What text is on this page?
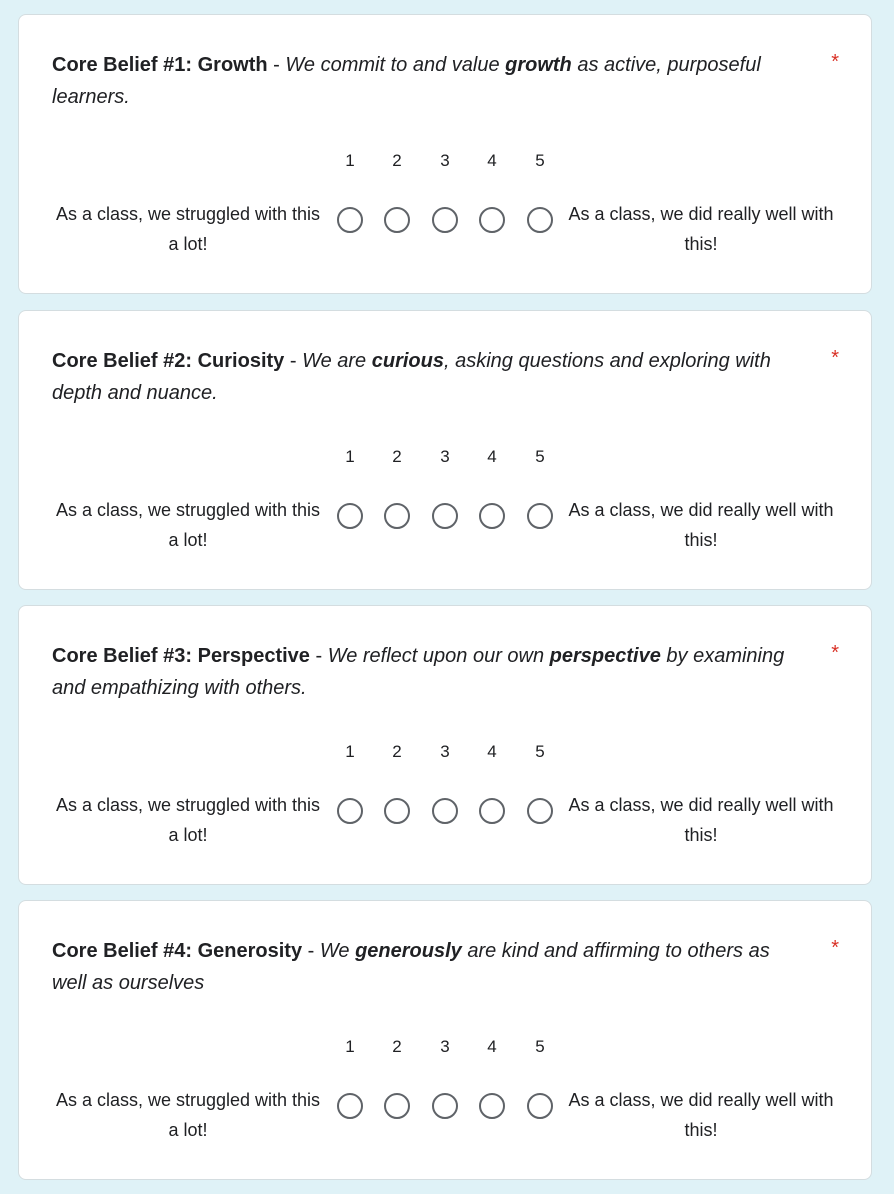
Core Belief #1: Growth - We commit to and value growth as active, purposeful learners.

*
1	2	3	4	5
As a class, we struggled with this a lot!
As a class, we did really well with this!

Core Belief #2: Curiosity - We are curious, asking questions and exploring with depth and nuance.

*
1	2	3	4	5
As a class, we struggled with this a lot!
As a class, we did really well with this!

Core Belief #3: Perspective - We reflect upon our own perspective by examining and empathizing with others.

*
1	2	3	4	5
As a class, we struggled with this a lot!
As a class, we did really well with this!

Core Belief #4: Generosity - We generously are kind and affirming to others as well as ourselves

*
1	2	3	4	5
As a class, we struggled with this a lot!
As a class, we did really well with this!
